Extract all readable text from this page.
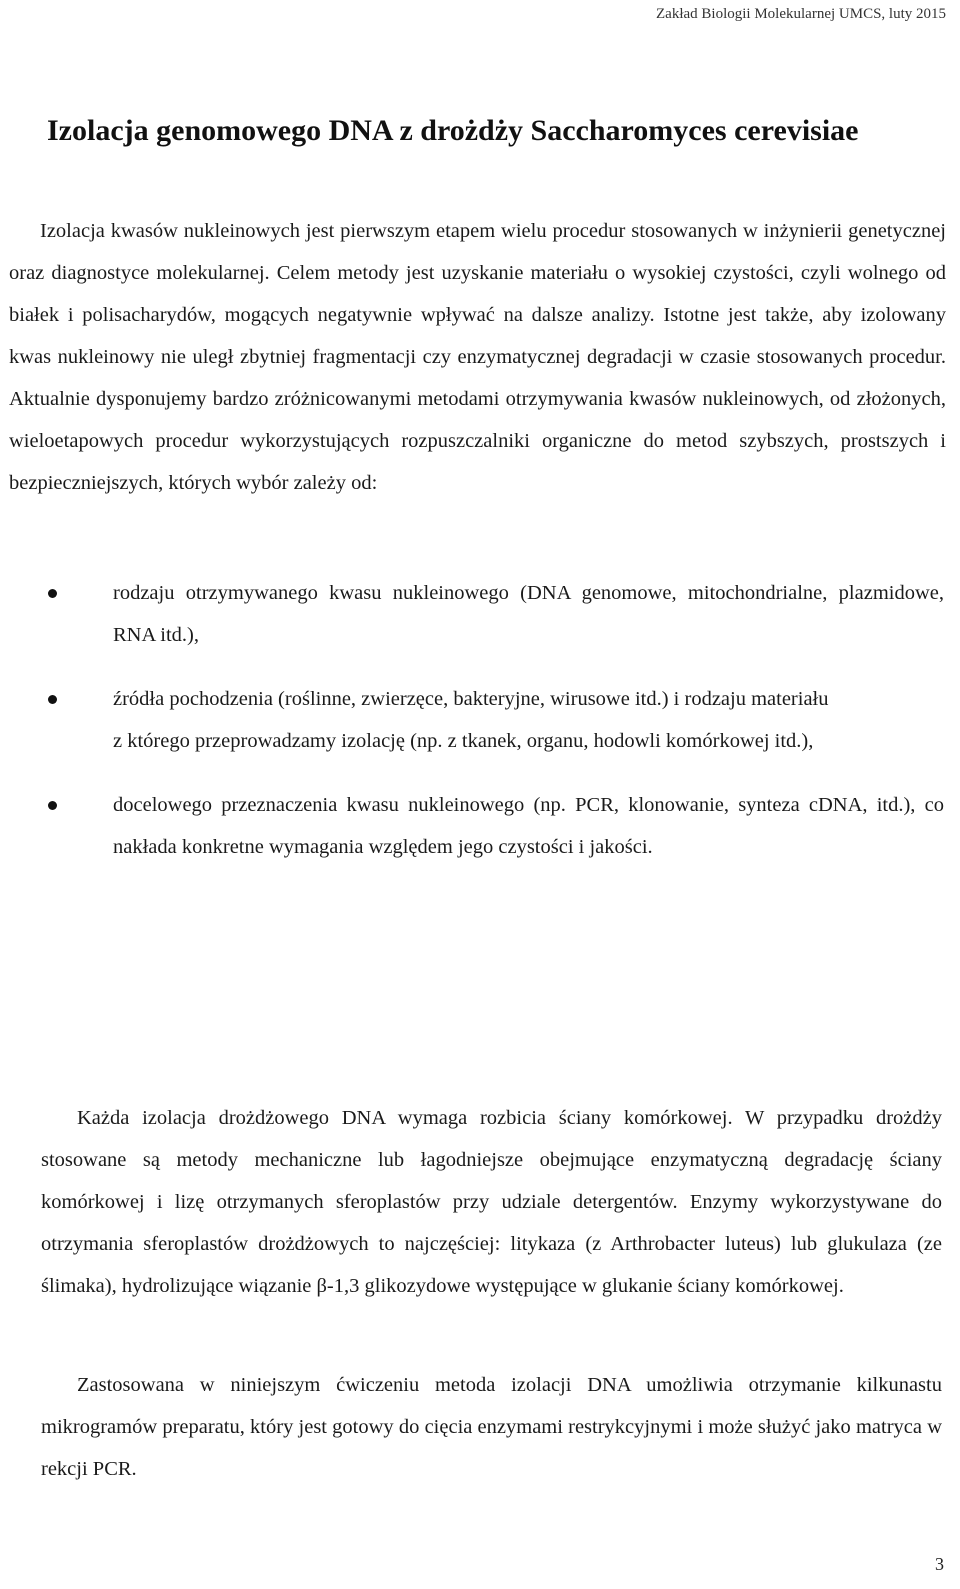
Zakład Biologii Molekularnej UMCS, luty 2015
Izolacja genomowego DNA z drożdży Saccharomyces cerevisiae

Izolacja kwasów nukleinowych jest pierwszym etapem wielu procedur stosowanych w inżynierii genetycznej oraz diagnostyce molekularnej. Celem metody jest uzyskanie materiału o wysokiej czystości, czyli wolnego od białek i polisacharydów, mogących negatywnie wpływać na dalsze analizy. Istotne jest także, aby izolowany kwas nukleinowy nie uległ zbytniej fragmentacji czy enzymatycznej degradacji w czasie stosowanych procedur. Aktualnie dysponujemy bardzo zróżnicowanymi metodami otrzymywania kwasów nukleinowych, od złożonych, wieloetapowych procedur wykorzystujących rozpuszczalniki organiczne do metod szybszych, prostszych i bezpieczniejszych, których wybór zależy od:

rodzaju otrzymywanego kwasu nukleinowego (DNA genomowe, mitochondrialne, plazmidowe, RNA itd.),
źródła pochodzenia (roślinne, zwierzęce, bakteryjne, wirusowe itd.) i rodzaju materiału
z którego przeprowadzamy izolację (np. z tkanek, organu, hodowli komórkowej itd.),
docelowego przeznaczenia kwasu nukleinowego (np. PCR, klonowanie, synteza cDNA, itd.), co nakłada konkretne wymagania względem jego czystości i jakości.

Każda izolacja drożdżowego DNA wymaga rozbicia ściany komórkowej. W przypadku drożdży stosowane są metody mechaniczne lub łagodniejsze obejmujące enzymatyczną degradację ściany komórkowej i lizę otrzymanych sferoplastów przy udziale detergentów. Enzymy wykorzystywane do otrzymania sferoplastów drożdżowych to najczęściej: litykaza (z Arthrobacter luteus) lub glukulaza (ze ślimaka), hydrolizujące wiązanie β-1,3 glikozydowe występujące w glukanie ściany komórkowej.

Zastosowana w niniejszym ćwiczeniu metoda izolacji DNA umożliwia otrzymanie kilkunastu mikrogramów preparatu, który jest gotowy do cięcia enzymami restrykcyjnymi i może służyć jako matryca w rekcji PCR.

3
